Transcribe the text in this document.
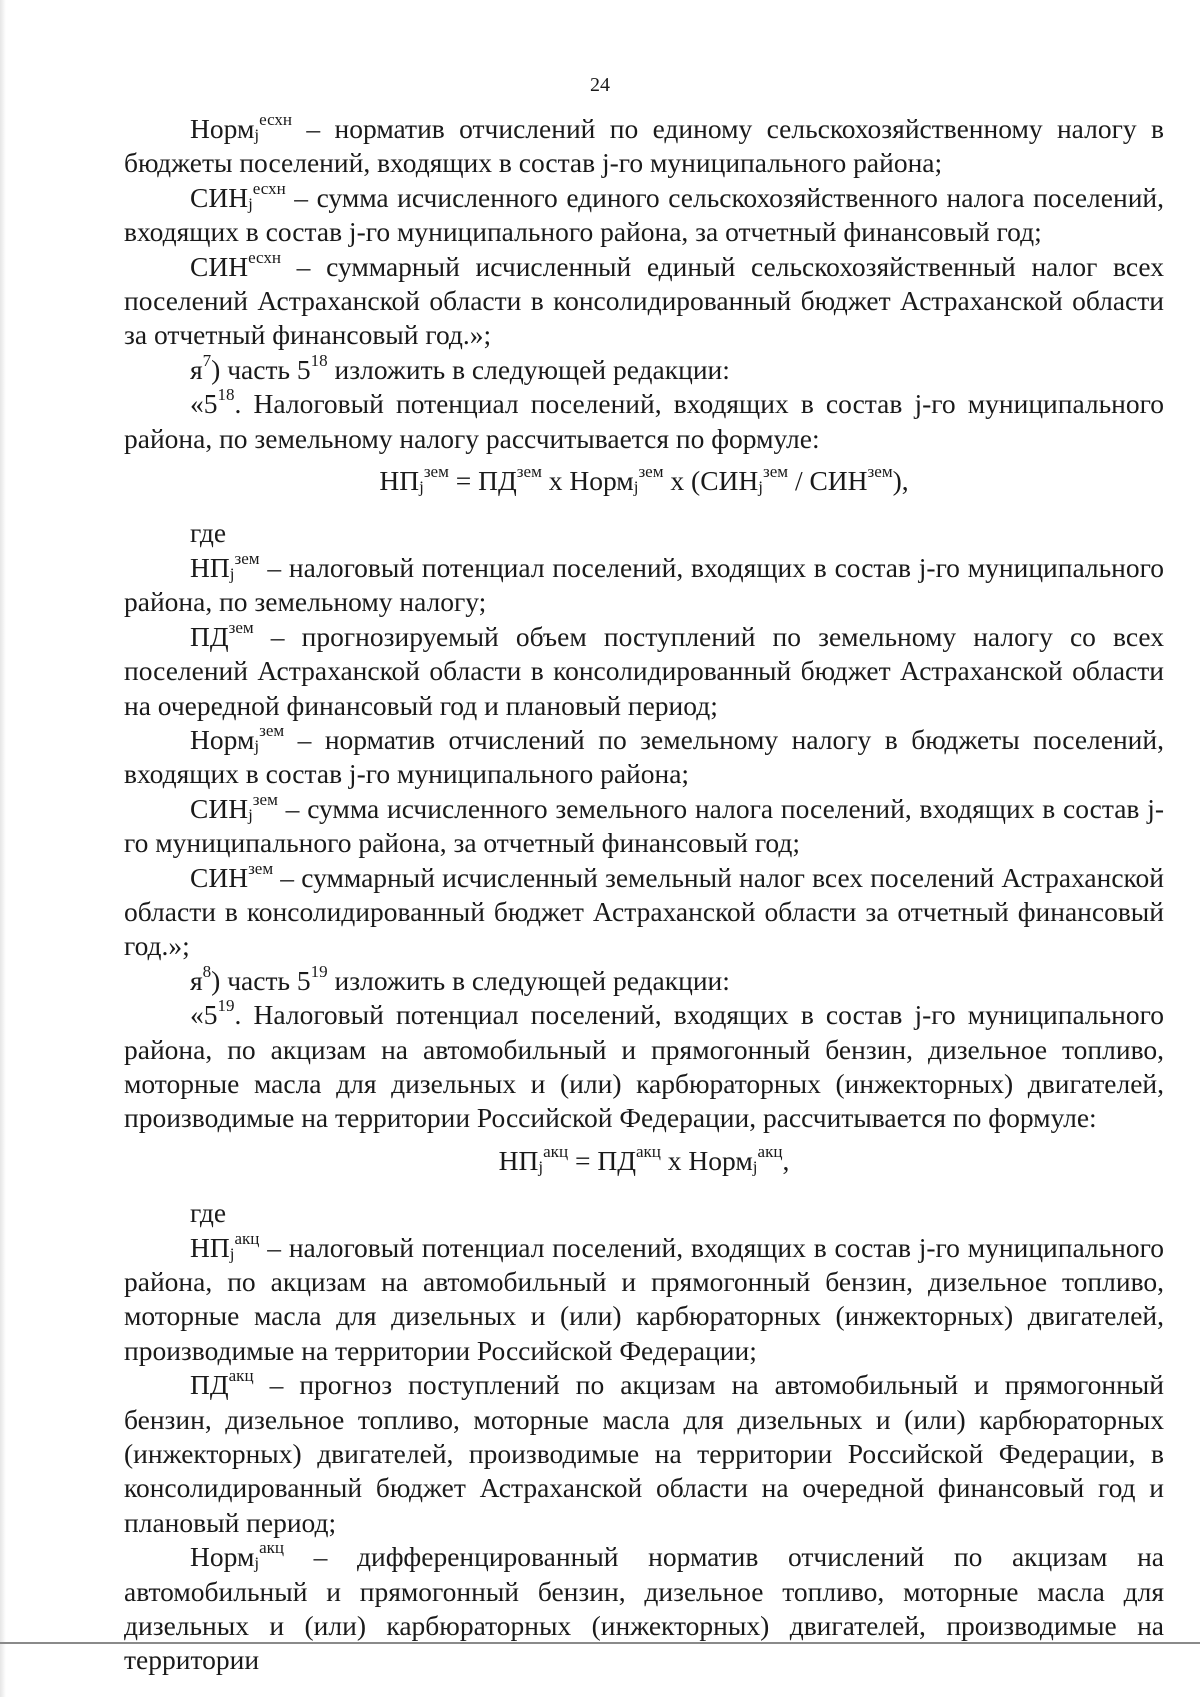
24

Норм$_j^{есхн}$ – норматив отчислений по единому сельскохозяйственному налогу в бюджеты поселений, входящих в состав j-го муниципального района;

$СИН_j^{есхн}$ – сумма исчисленного единого сельскохозяйственного налога поселений, входящих в состав j-го муниципального района, за отчетный финансовый год;

$СИН^{есхн}$ – суммарный исчисленный единый сельскохозяйственный налог всех поселений Астраханской области в консолидированный бюджет Астраханской области за отчетный финансовый год.»;

$я^7$) часть $5^{18}$ изложить в следующей редакции:

«$5^{18}$. Налоговый потенциал поселений, входящих в состав j-го муниципального района, по земельному налогу рассчитывается по формуле:

$НП_j^{зем} = ПД^{зем}$ х Норм$_j^{зем}$ х $(СИН_j^{зем} / СИН^{зем})$,

где

$НП_j^{зем}$ – налоговый потенциал поселений, входящих в состав j-го муниципального района, по земельному налогу;

$ПД^{зем}$ – прогнозируемый объем поступлений по земельному налогу со всех поселений Астраханской области в консолидированный бюджет Астраханской области на очередной финансовый год и плановый период;

Норм$_j^{зем}$ – норматив отчислений по земельному налогу в бюджеты поселений, входящих в состав j-го муниципального района;

$СИН_j^{зем}$ – сумма исчисленного земельного налога поселений, входящих в состав j-го муниципального района, за отчетный финансовый год;

$СИН^{зем}$ – суммарный исчисленный земельный налог всех поселений Астраханской области в консолидированный бюджет Астраханской области за отчетный финансовый год.»;

$я^8$) часть $5^{19}$ изложить в следующей редакции:

«$5^{19}$. Налоговый потенциал поселений, входящих в состав j-го муниципального района, по акцизам на автомобильный и прямогонный бензин, дизельное топливо, моторные масла для дизельных и (или) карбюраторных (инжекторных) двигателей, производимые на территории Российской Федерации, рассчитывается по формуле:

$НП_j^{акц} = ПД^{акц}$ х Норм$_j^{акц}$,

где

$НП_j^{акц}$ – налоговый потенциал поселений, входящих в состав j-го муниципального района, по акцизам на автомобильный и прямогонный бензин, дизельное топливо, моторные масла для дизельных и (или) карбюраторных (инжекторных) двигателей, производимые на территории Российской Федерации;

$ПД^{акц}$ – прогноз поступлений по акцизам на автомобильный и прямогонный бензин, дизельное топливо, моторные масла для дизельных и (или) карбюраторных (инжекторных) двигателей, производимые на территории Российской Федерации, в консолидированный бюджет Астраханской области на очередной финансовый год и плановый период;

Норм$_j^{акц}$ – дифференцированный норматив отчислений по акцизам на автомобильный и прямогонный бензин, дизельное топливо, моторные масла для дизельных и (или) карбюраторных (инжекторных) двигателей, производимые на территории
